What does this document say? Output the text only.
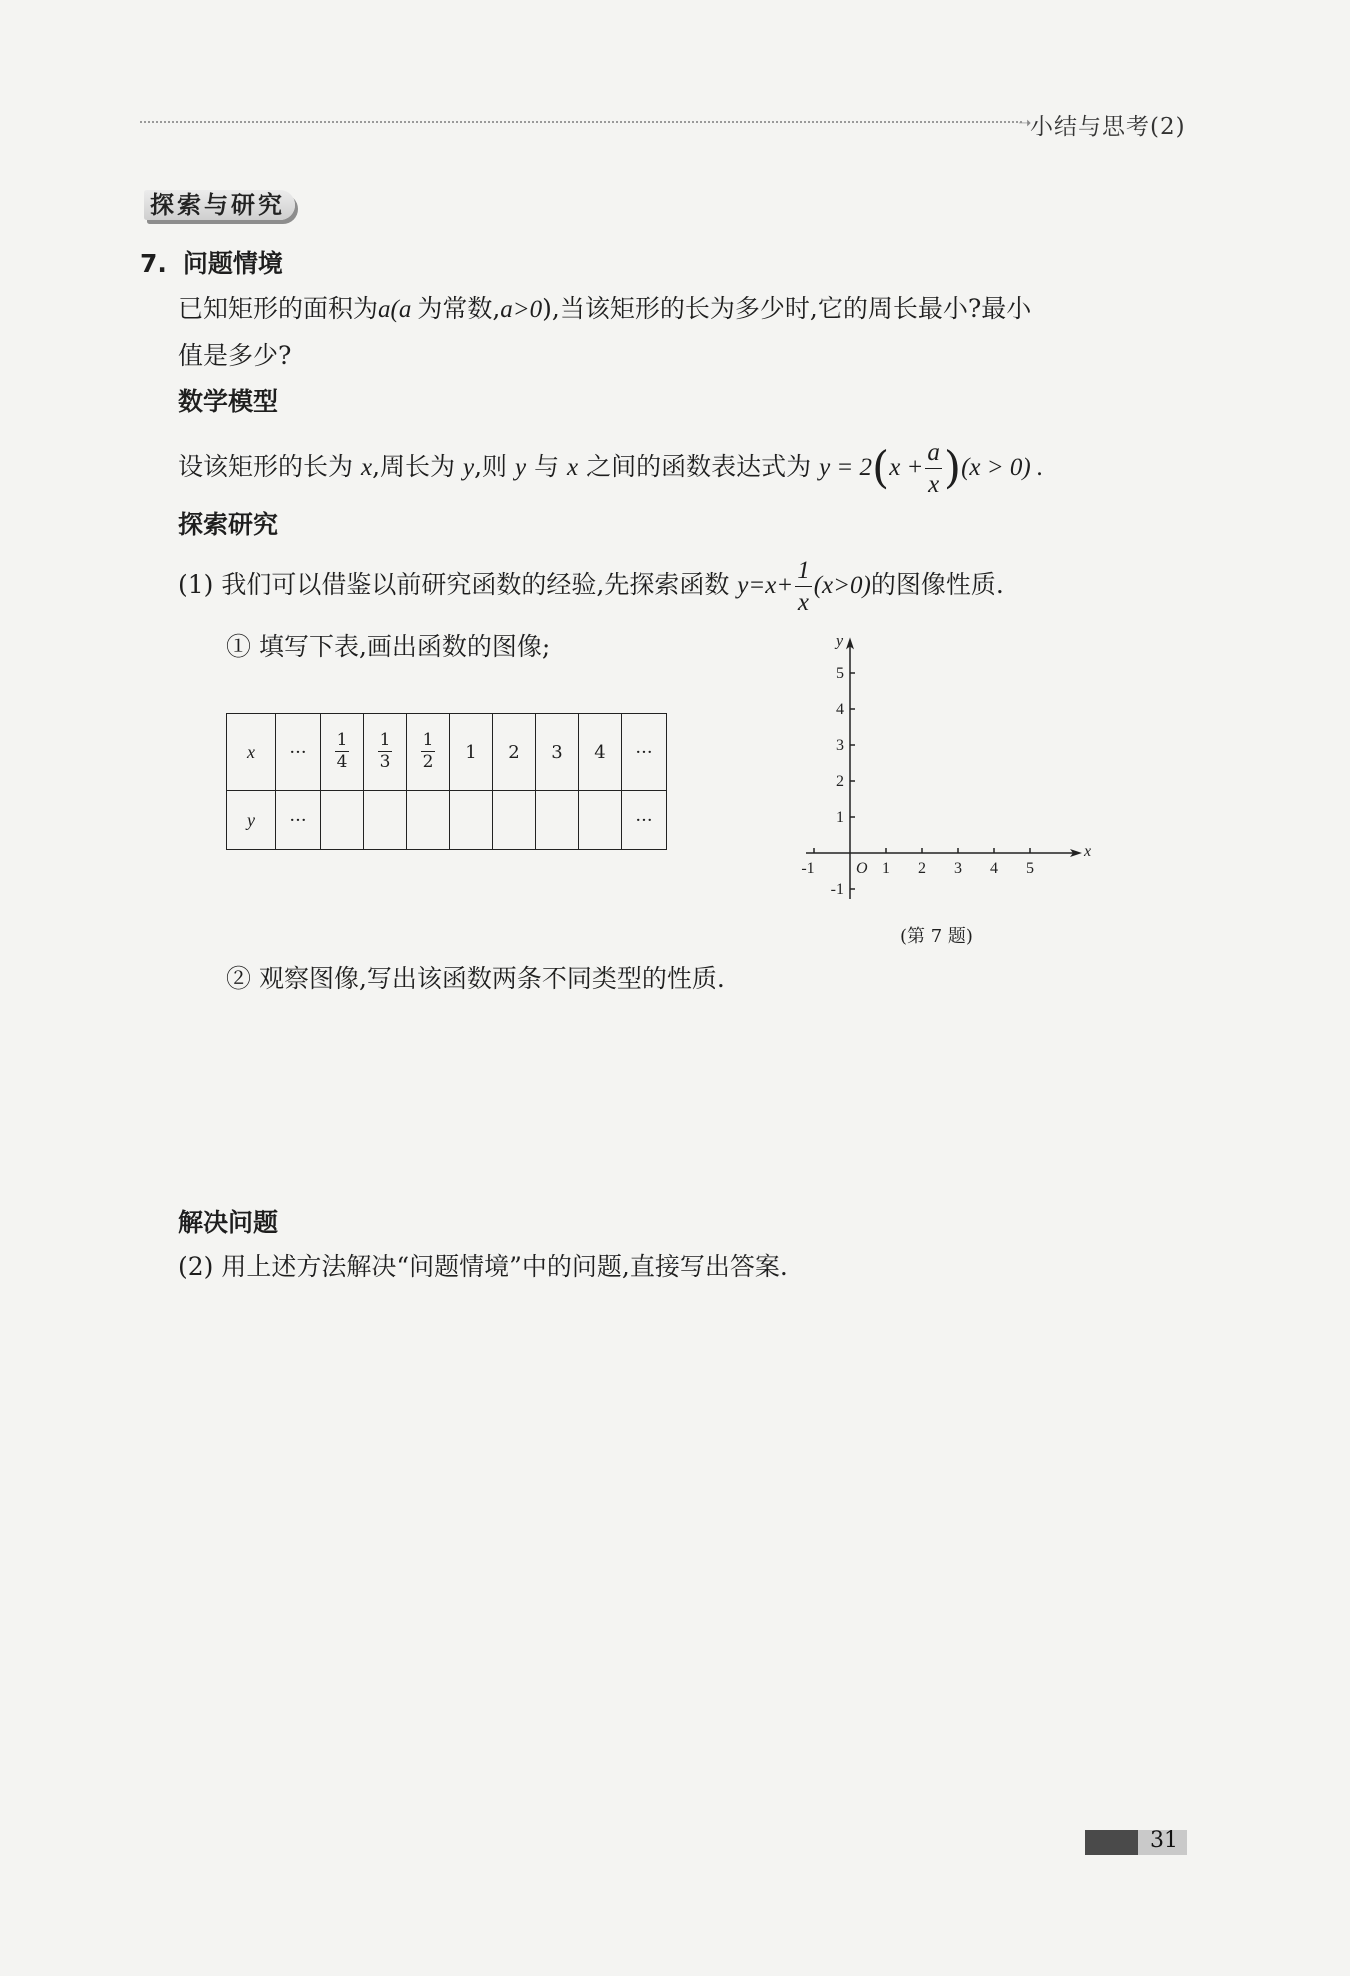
➝
小结与思考(2)
探索与研究
7. 问题情境
已知矩形的面积为a(a 为常数,a>0),当该矩形的长为多少时,它的周长最小?最小
值是多少?
数学模型
设该矩形的长为 x,周长为 y,则 y 与 x 之间的函数表达式为 $y = 2(x + \frac{a}{x} )(x > 0)$ .
探索研究
(1) 我们可以借鉴以前研究函数的经验,先探索函数 $y=x+ \frac{1}{x} (x>0)$的图像性质.
① 填写下表,画出函数的图像;
x	···	$\frac{1}{4}$	$\frac{1}{3}$	$\frac{1}{2}$	1	2	3	4	···
y	···								···
-1	1 2 3 4 5
-1
1
2
3
4
5
O
x
y
(第 7 题)
② 观察图像,写出该函数两条不同类型的性质.
解决问题
(2) 用上述方法解决“问题情境”中的问题,直接写出答案.
31
